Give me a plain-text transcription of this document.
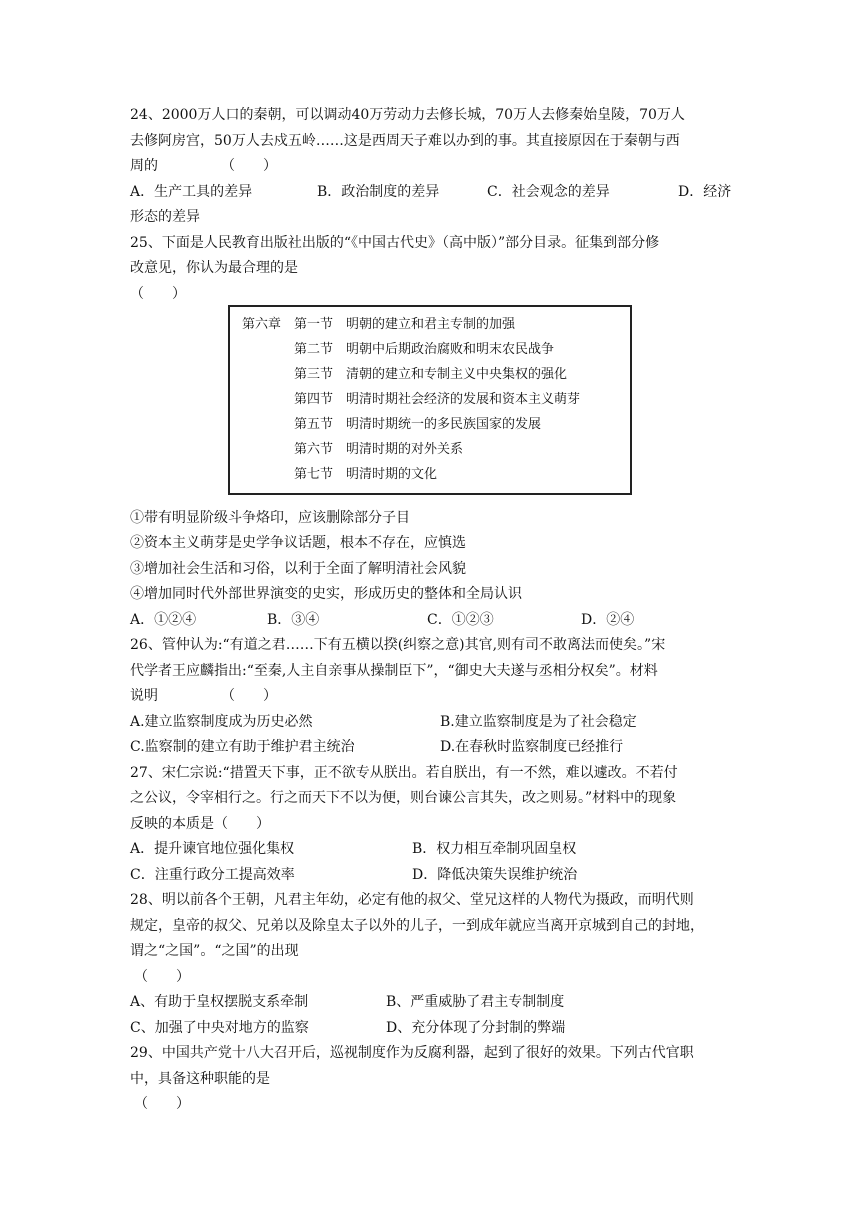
24、2000万人口的秦朝，可以调动40万劳动力去修长城，70万人去修秦始皇陵，70万人
去修阿房宫，50万人去戍五岭……这是西周天子难以办到的事。其直接原因在于秦朝与西
周的　　　　　（　　）
A．生产工具的差异	B．政治制度的差异	C．社会观念的差异	D．经济
形态的差异
25、下面是人民教育出版社出版的“《中国古代史》（高中版）”部分目录。征集到部分修
改意见，你认为最合理的是
（　　）
第六章　第一节　明朝的建立和君主专制的加强
第二节　明朝中后期政治腐败和明末农民战争
第三节　清朝的建立和专制主义中央集权的强化
第四节　明清时期社会经济的发展和资本主义萌芽
第五节　明清时期统一的多民族国家的发展
第六节　明清时期的对外关系
第七节　明清时期的文化
①带有明显阶级斗争烙印，应该删除部分子目
②资本主义萌芽是史学争议话题，根本不存在，应慎选
③增加社会生活和习俗，以利于全面了解明清社会风貌
④增加同时代外部世界演变的史实，形成历史的整体和全局认识
A．①②④	B．③④	C．①②③	D．②④
26、管仲认为:“有道之君……下有五横以揆(纠察之意)其官,则有司不敢离法而使矣。”宋
代学者王应麟指出:“至秦,人主自亲事从操制臣下”，“御史大夫遂与丞相分权矣”。材料
说明　　　　　（　　）
A.建立监察制度成为历史必然	B.建立监察制度是为了社会稳定
C.监察制的建立有助于维护君主统治	D.在春秋时监察制度已经推行
27、宋仁宗说:“措置天下事，正不欲专从朕出。若自朕出，有一不然，难以遽改。不若付
之公议，令宰相行之。行之而天下不以为便，则台谏公言其失，改之则易。”材料中的现象
反映的本质是（　　）
A．提升谏官地位强化集权	B．权力相互牵制巩固皇权
C．注重行政分工提高效率	D．降低决策失误维护统治
28、明以前各个王朝，凡君主年幼，必定有他的叔父、堂兄这样的人物代为摄政，而明代则
规定，皇帝的叔父、兄弟以及除皇太子以外的儿子，一到成年就应当离开京城到自己的封地，
谓之“之国”。“之国”的出现
（　　）
A、有助于皇权摆脱支系牵制	B、严重威胁了君主专制制度
C、加强了中央对地方的监察	D、充分体现了分封制的弊端
29、中国共产党十八大召开后，巡视制度作为反腐利器，起到了很好的效果。下列古代官职
中，具备这种职能的是
（　　）
